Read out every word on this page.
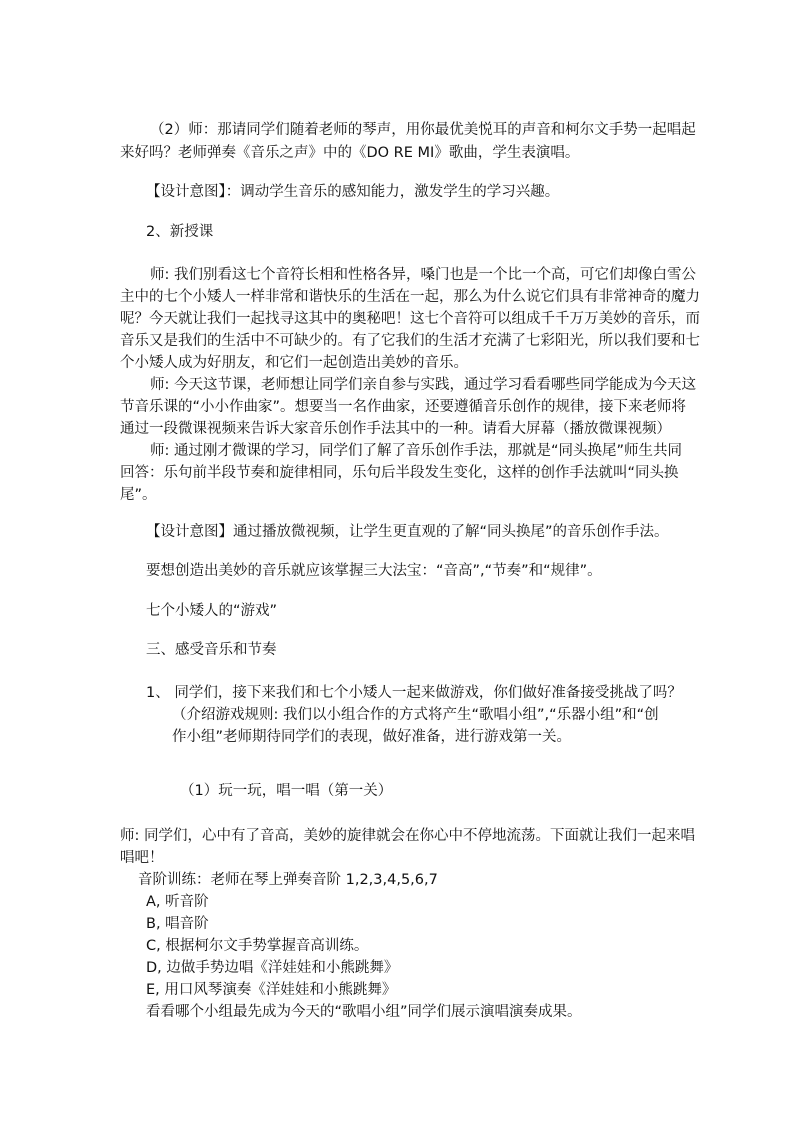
（2）师：那请同学们随着老师的琴声，用你最优美悦耳的声音和柯尔文手势一起唱起
来好吗？老师弹奏《音乐之声》中的《DO RE MI》歌曲，学生表演唱。
【设计意图】：调动学生音乐的感知能力，激发学生的学习兴趣。
2、新授课
师: 我们别看这七个音符长相和性格各异，嗓门也是一个比一个高，可它们却像白雪公
主中的七个小矮人一样非常和谐快乐的生活在一起，那么为什么说它们具有非常神奇的魔力
呢？今天就让我们一起找寻这其中的奥秘吧！这七个音符可以组成千千万万美妙的音乐，而
音乐又是我们的生活中不可缺少的。有了它我们的生活才充满了七彩阳光，所以我们要和七
个小矮人成为好朋友，和它们一起创造出美妙的音乐。
师: 今天这节课，老师想让同学们亲自参与实践，通过学习看看哪些同学能成为今天这
节音乐课的“小小作曲家”。想要当一名作曲家，还要遵循音乐创作的规律，接下来老师将
通过一段微课视频来告诉大家音乐创作手法其中的一种。请看大屏幕（播放微课视频）
师: 通过刚才微课的学习，同学们了解了音乐创作手法，那就是“同头换尾”师生共同
回答：乐句前半段节奏和旋律相同，乐句后半段发生变化，这样的创作手法就叫“同头换
尾”。
【设计意图】通过播放微视频，让学生更直观的了解“同头换尾”的音乐创作手法。
要想创造出美妙的音乐就应该掌握三大法宝：“音高”,“节奏”和“规律”。
七个小矮人的“游戏”
三、感受音乐和节奏
1、 同学们，接下来我们和七个小矮人一起来做游戏，你们做好准备接受挑战了吗？
（介绍游戏规则: 我们以小组合作的方式将产生“歌唱小组”,“乐器小组”和“创
作小组”老师期待同学们的表现，做好准备，进行游戏第一关。
（1）玩一玩，唱一唱（第一关）
师: 同学们，心中有了音高，美妙的旋律就会在你心中不停地流荡。下面就让我们一起来唱
唱吧！
音阶训练：老师在琴上弹奏音阶 1,2,3,4,5,6,7
A, 听音阶
B, 唱音阶
C, 根据柯尔文手势掌握音高训练。
D, 边做手势边唱《洋娃娃和小熊跳舞》
E, 用口风琴演奏《洋娃娃和小熊跳舞》
看看哪个小组最先成为今天的“歌唱小组”同学们展示演唱演奏成果。
